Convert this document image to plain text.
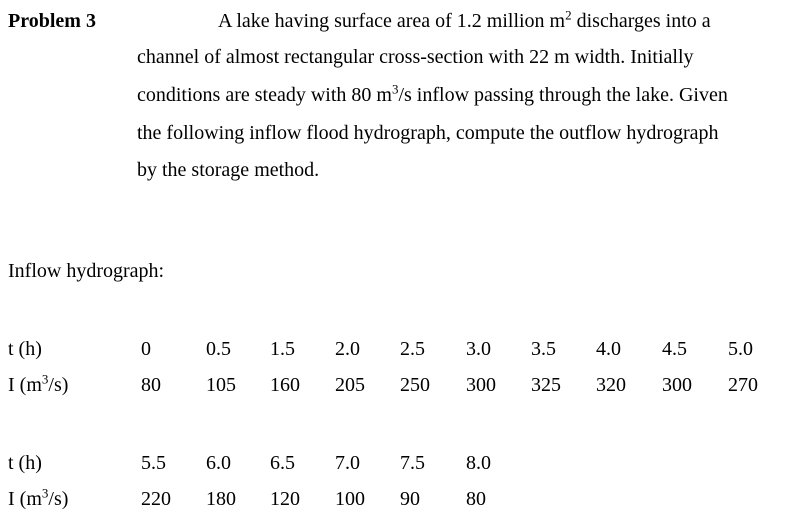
Problem 3	A lake having surface area of 1.2 million $m^2$ discharges into a
channel of almost rectangular cross-section with 22 m width. Initially
conditions are steady with 80 $m^3/s$ inflow passing through the lake. Given
the following inflow flood hydrograph, compute the outflow hydrograph
by the storage method.
Inflow hydrograph:
t (h)
I $(m^3/s)$
0	0.5 1.5 2.0 2.5 3.0 3.5 4.0 4.5 5.0
80 105 160 205 250 300 325 320 300 270
t (h)
I $(m^3/s)$
5.5 6.0 6.5 7.0 7.5 8.0
220 180 120 100 90 80
